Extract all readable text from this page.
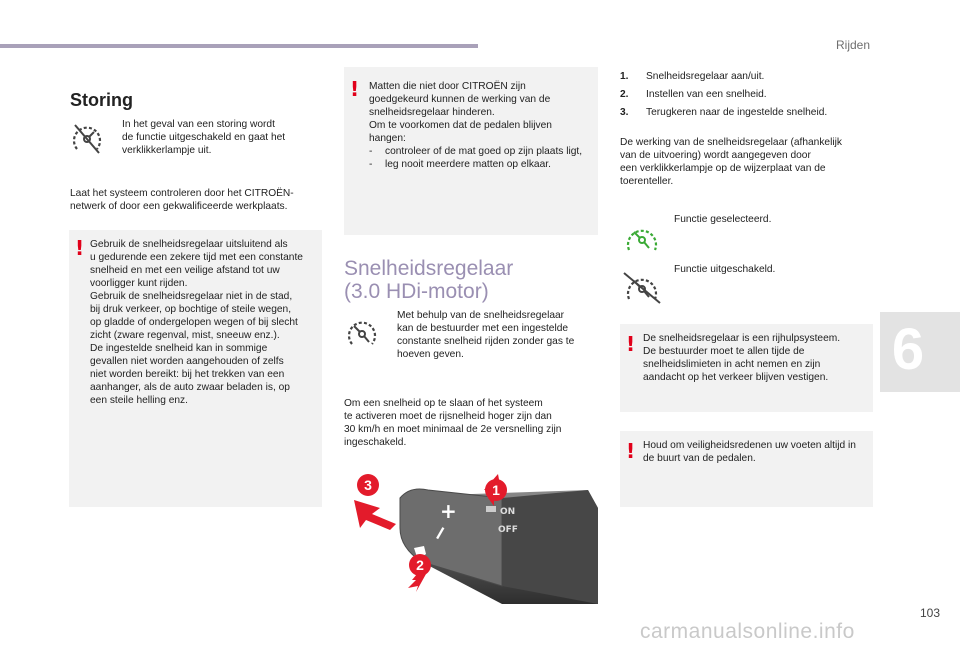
Rijden
6
Storing
In het geval van een storing wordt
de functie uitgeschakeld en gaat het
verklikkerlampje uit.
Laat het systeem controleren door het CITROËN-
netwerk of door een gekwalificeerde werkplaats.
! Gebruik de snelheidsregelaar uitsluitend als
u gedurende een zekere tijd met een constante
snelheid en met een veilige afstand tot uw
voorligger kunt rijden.
Gebruik de snelheidsregelaar niet in de stad,
bij druk verkeer, op bochtige of steile wegen,
op gladde of ondergelopen wegen of bij slecht
zicht (zware regenval, mist, sneeuw enz.).
De ingestelde snelheid kan in sommige
gevallen niet worden aangehouden of zelfs
niet worden bereikt: bij het trekken van een
aanhanger, als de auto zwaar beladen is, op
een steile helling enz.
! Matten die niet door CITROËN zijn
goedgekeurd kunnen de werking van de
snelheidsregelaar hinderen.
Om te voorkomen dat de pedalen blijven
hangen:
-	controleer of de mat goed op zijn plaats ligt,
-	leg nooit meerdere matten op elkaar.
Snelheidsregelaar
(3.0 HDi-motor)
Met behulp van de snelheidsregelaar
kan de bestuurder met een ingestelde
constante snelheid rijden zonder gas te
hoeven geven.
Om een snelheid op te slaan of het systeem
te activeren moet de rijsnelheid hoger zijn dan
30 km/h en moet minimaal de 2e versnelling zijn
ingeschakeld.
+
−
ON
OFF
1
2
3
1.	Snelheidsregelaar aan/uit.
2.	Instellen van een snelheid.
3.	Terugkeren naar de ingestelde snelheid.
De werking van de snelheidsregelaar (afhankelijk
van de uitvoering) wordt aangegeven door
een verklikkerlampje op de wijzerplaat van de
toerenteller.
Functie geselecteerd.
Functie uitgeschakeld.
! De snelheidsregelaar is een rijhulpsysteem.
De bestuurder moet te allen tijde de
snelheidslimieten in acht nemen en zijn
aandacht op het verkeer blijven vestigen.
! Houd om veiligheidsredenen uw voeten altijd in
de buurt van de pedalen.
103
carmanualsonline.info
